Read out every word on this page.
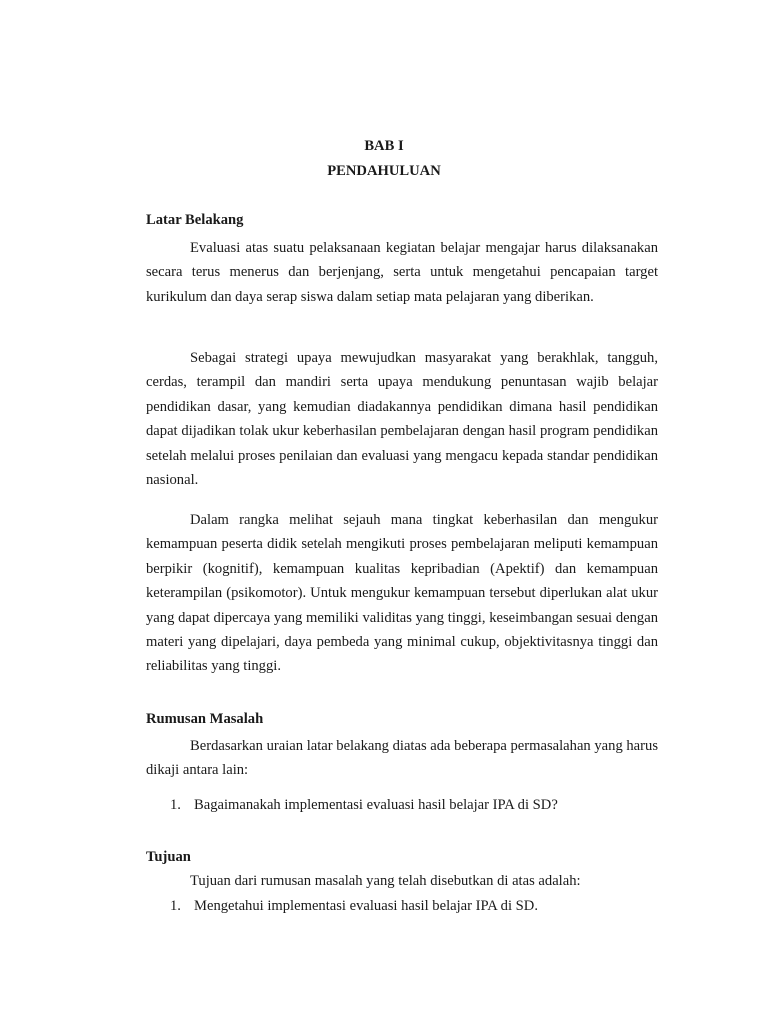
BAB I
PENDAHULUAN
Latar Belakang

Evaluasi atas suatu pelaksanaan kegiatan belajar mengajar harus dilaksanakan secara terus menerus dan berjenjang, serta untuk mengetahui pencapaian target kurikulum dan daya serap siswa dalam setiap mata pelajaran yang diberikan.

Sebagai strategi upaya mewujudkan masyarakat yang berakhlak, tangguh, cerdas, terampil dan mandiri serta upaya mendukung penuntasan wajib belajar pendidikan dasar, yang kemudian diadakannya pendidikan dimana hasil pendidikan dapat dijadikan tolak ukur keberhasilan pembelajaran dengan hasil program pendidikan setelah melalui proses penilaian dan evaluasi yang mengacu kepada standar pendidikan nasional.

Dalam rangka melihat sejauh mana tingkat keberhasilan dan mengukur kemampuan peserta didik setelah mengikuti proses pembelajaran meliputi kemampuan berpikir (kognitif), kemampuan kualitas kepribadian (Apektif) dan kemampuan keterampilan (psikomotor). Untuk mengukur kemampuan tersebut diperlukan alat ukur yang dapat dipercaya yang memiliki validitas yang tinggi, keseimbangan sesuai dengan materi yang dipelajari, daya pembeda yang minimal cukup, objektivitasnya tinggi dan reliabilitas yang tinggi.

Rumusan Masalah

Berdasarkan uraian latar belakang diatas ada beberapa permasalahan yang harus dikaji antara lain:

1. Bagaimanakah implementasi evaluasi hasil belajar IPA di SD?
Tujuan
Tujuan dari rumusan masalah yang telah disebutkan di atas adalah:
1. Mengetahui implementasi evaluasi hasil belajar IPA di SD.
